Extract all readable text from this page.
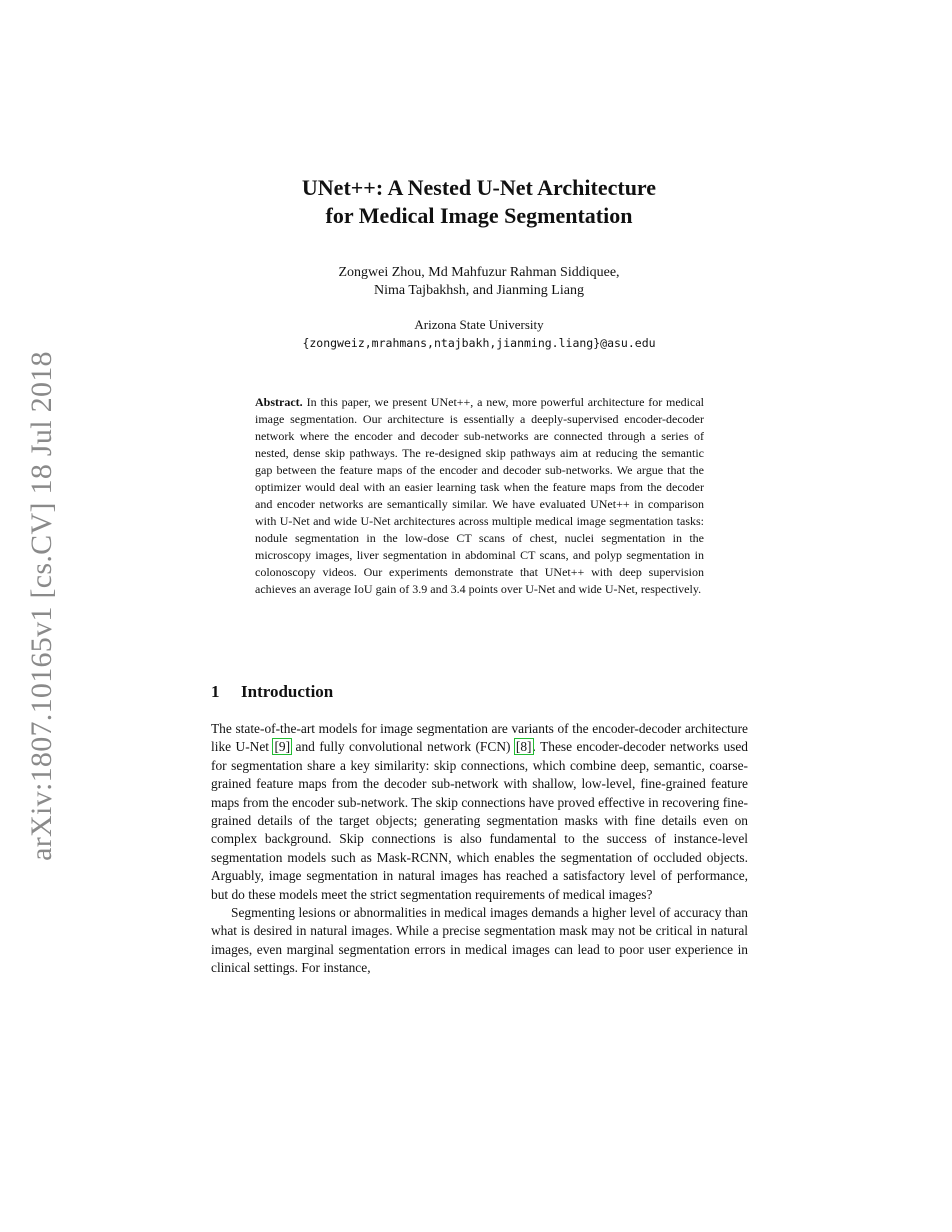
arXiv:1807.10165v1 [cs.CV] 18 Jul 2018
UNet++: A Nested U-Net Architecture
for Medical Image Segmentation
Zongwei Zhou, Md Mahfuzur Rahman Siddiquee,
Nima Tajbakhsh, and Jianming Liang
Arizona State University
{zongweiz,mrahmans,ntajbakh,jianming.liang}@asu.edu
Abstract. In this paper, we present UNet++, a new, more powerful architecture for medical image segmentation. Our architecture is essentially a deeply-supervised encoder-decoder network where the encoder and decoder sub-networks are connected through a series of nested, dense skip pathways. The re-designed skip pathways aim at reducing the semantic gap between the feature maps of the encoder and decoder sub-networks. We argue that the optimizer would deal with an easier learning task when the feature maps from the decoder and encoder networks are semantically similar. We have evaluated UNet++ in comparison with U-Net and wide U-Net architectures across multiple medical image segmentation tasks: nodule segmentation in the low-dose CT scans of chest, nuclei segmentation in the microscopy images, liver segmentation in abdominal CT scans, and polyp segmentation in colonoscopy videos. Our experiments demonstrate that UNet++ with deep supervision achieves an average IoU gain of 3.9 and 3.4 points over U-Net and wide U-Net, respectively.
1 Introduction

The state-of-the-art models for image segmentation are variants of the encoder-decoder architecture like U-Net [9] and fully convolutional network (FCN) [8]. These encoder-decoder networks used for segmentation share a key similarity: skip connections, which combine deep, semantic, coarse-grained feature maps from the decoder sub-network with shallow, low-level, fine-grained feature maps from the encoder sub-network. The skip connections have proved effective in recovering fine-grained details of the target objects; generating segmentation masks with fine details even on complex background. Skip connections is also fundamental to the success of instance-level segmentation models such as Mask-RCNN, which enables the segmentation of occluded objects. Arguably, image segmentation in natural images has reached a satisfactory level of performance, but do these models meet the strict segmentation requirements of medical images?

Segmenting lesions or abnormalities in medical images demands a higher level of accuracy than what is desired in natural images. While a precise segmentation mask may not be critical in natural images, even marginal segmentation errors in medical images can lead to poor user experience in clinical settings. For instance,
